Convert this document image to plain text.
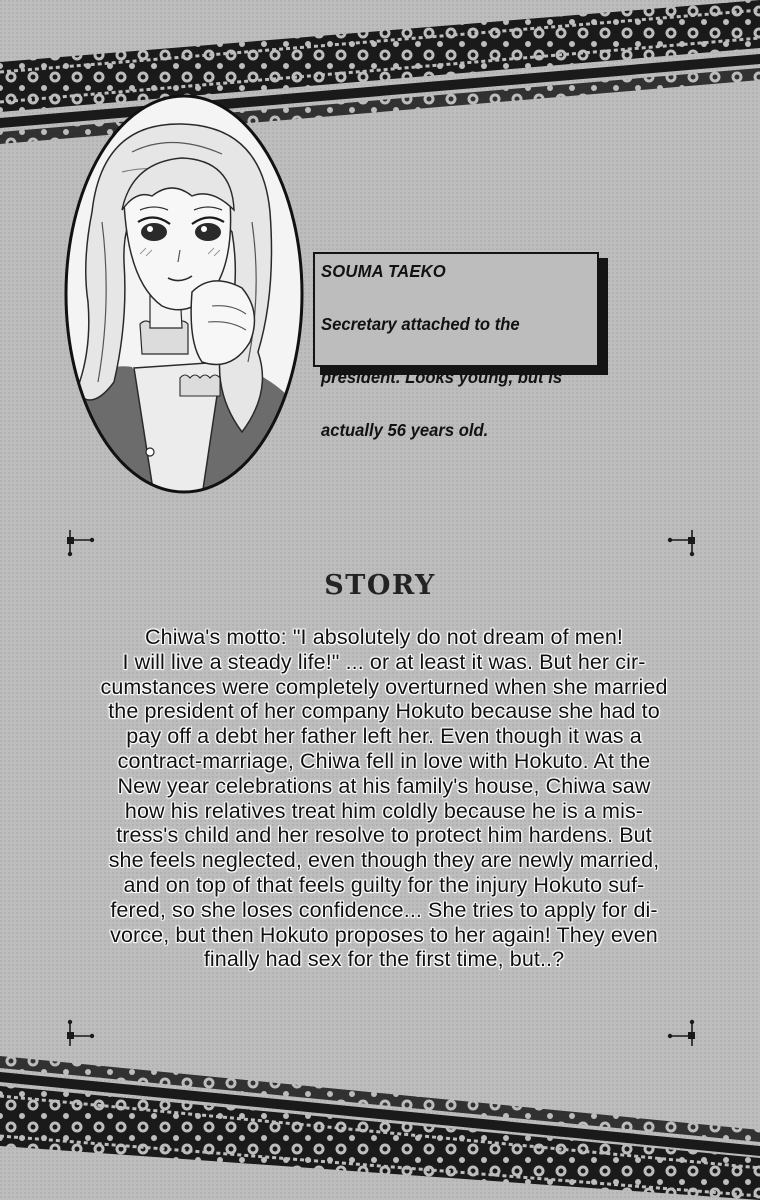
SOUMA TAEKO

Secretary attached to the

president. Looks young, but is

actually 56 years old.

STORY
Chiwa's motto: "I absolutely do not dream of men!
I will live a steady life!" ... or at least it was. But her cir-
cumstances were completely overturned when she married
the president of her company Hokuto because she had to
pay off a debt her father left her. Even though it was a
contract-marriage, Chiwa fell in love with Hokuto. At the
New year celebrations at his family's house, Chiwa saw
how his relatives treat him coldly because he is a mis-
tress's child and her resolve to protect him hardens. But
she feels neglected, even though they are newly married,
and on top of that feels guilty for the injury Hokuto suf-
fered, so she loses confidence... She tries to apply for di-
vorce, but then Hokuto proposes to her again! They even
finally had sex for the first time, but..?
